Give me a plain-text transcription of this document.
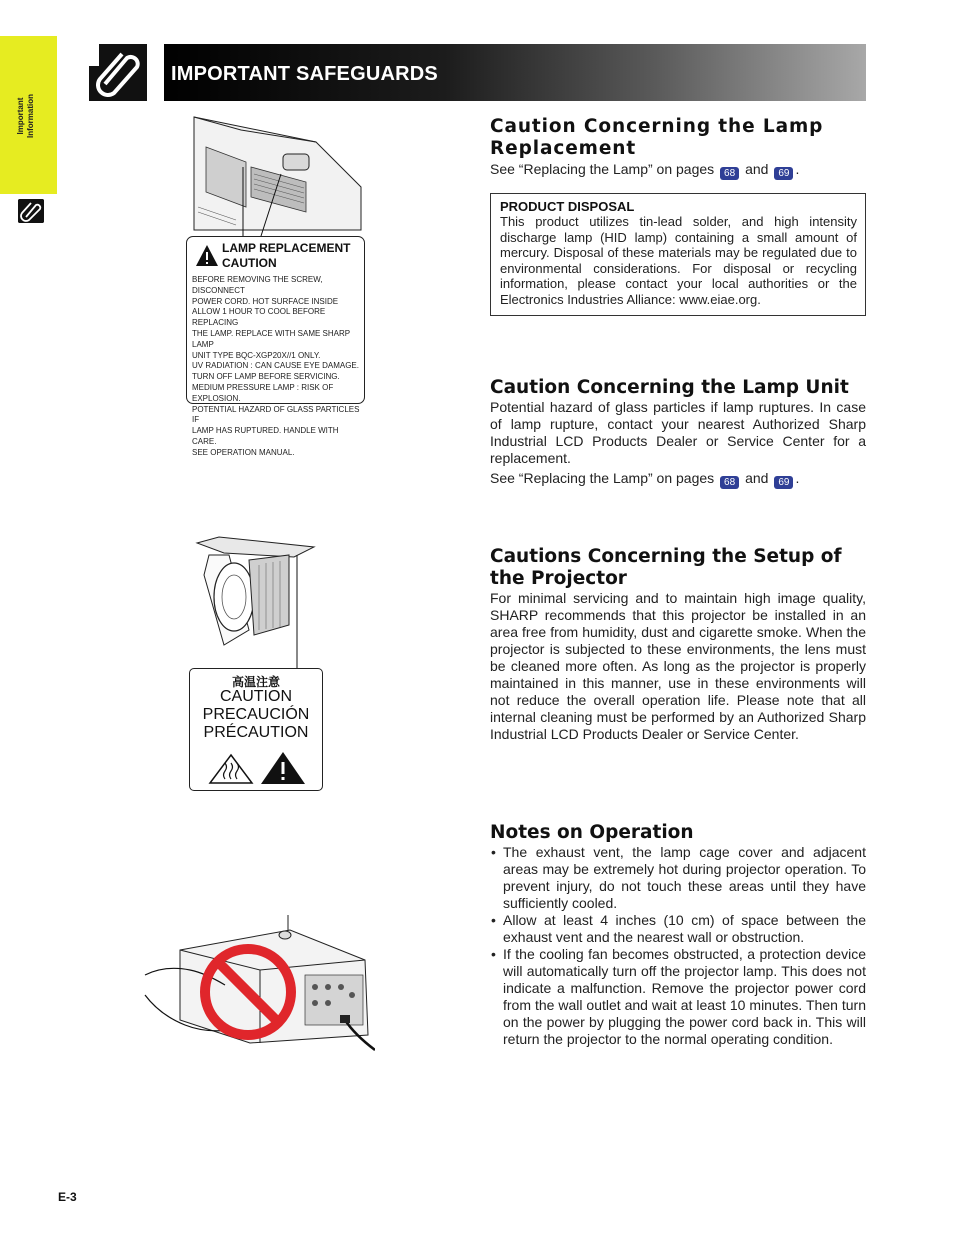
Important Information
IMPORTANT SAFEGUARDS
LAMP REPLACEMENT
CAUTION
BEFORE REMOVING THE SCREW, DISCONNECT
POWER CORD. HOT SURFACE INSIDE
ALLOW 1 HOUR TO COOL BEFORE REPLACING
THE LAMP. REPLACE WITH SAME SHARP LAMP
UNIT TYPE BQC-XGP20X//1 ONLY.
UV RADIATION : CAN CAUSE EYE DAMAGE.
TURN OFF LAMP BEFORE SERVICING.
MEDIUM PRESSURE LAMP : RISK OF EXPLOSION.
POTENTIAL HAZARD OF GLASS PARTICLES IF
LAMP HAS RUPTURED. HANDLE WITH CARE.
SEE OPERATION MANUAL.
高温注意
CAUTION
PRECAUCIÓN
PRÉCAUTION
Caution Concerning the Lamp Replacement
See “Replacing the Lamp” on pages 68 and 69 .
PRODUCT DISPOSAL
This product utilizes tin-lead solder, and high intensity discharge lamp (HID lamp) containing a small amount of mercury. Disposal of these materials may be regulated due to environmental considerations. For disposal or recycling information, please contact your local authorities or the Electronics Industries Alliance: www.eiae.org.
Caution Concerning the Lamp Unit
Potential hazard of glass particles if lamp ruptures. In case of lamp rupture, contact your nearest Authorized Sharp Industrial LCD Products Dealer or Service Center for a replacement.
See “Replacing the Lamp” on pages 68 and 69 .
Cautions Concerning the Setup of the Projector
For minimal servicing and to maintain high image quality, SHARP recommends that this projector be installed in an area free from humidity, dust and cigarette smoke. When the projector is subjected to these environments, the lens must be cleaned more often. As long as the projector is properly maintained in this manner, use in these environments will not reduce the overall operation life. Please note that all internal cleaning must be performed by an Authorized Sharp Industrial LCD Products Dealer or Service Center.
Notes on Operation
• The exhaust vent, the lamp cage cover and adjacent areas may be extremely hot during projector operation. To prevent injury, do not touch these areas until they have sufficiently cooled.
• Allow at least 4 inches (10 cm) of space between the exhaust vent and the nearest wall or obstruction.
• If the cooling fan becomes obstructed, a protection device will automatically turn off the projector lamp. This does not indicate a malfunction. Remove the projector power cord from the wall outlet and wait at least 10 minutes. Then turn on the power by plugging the power cord back in. This will return the projector to the normal operating condition.
E-3
